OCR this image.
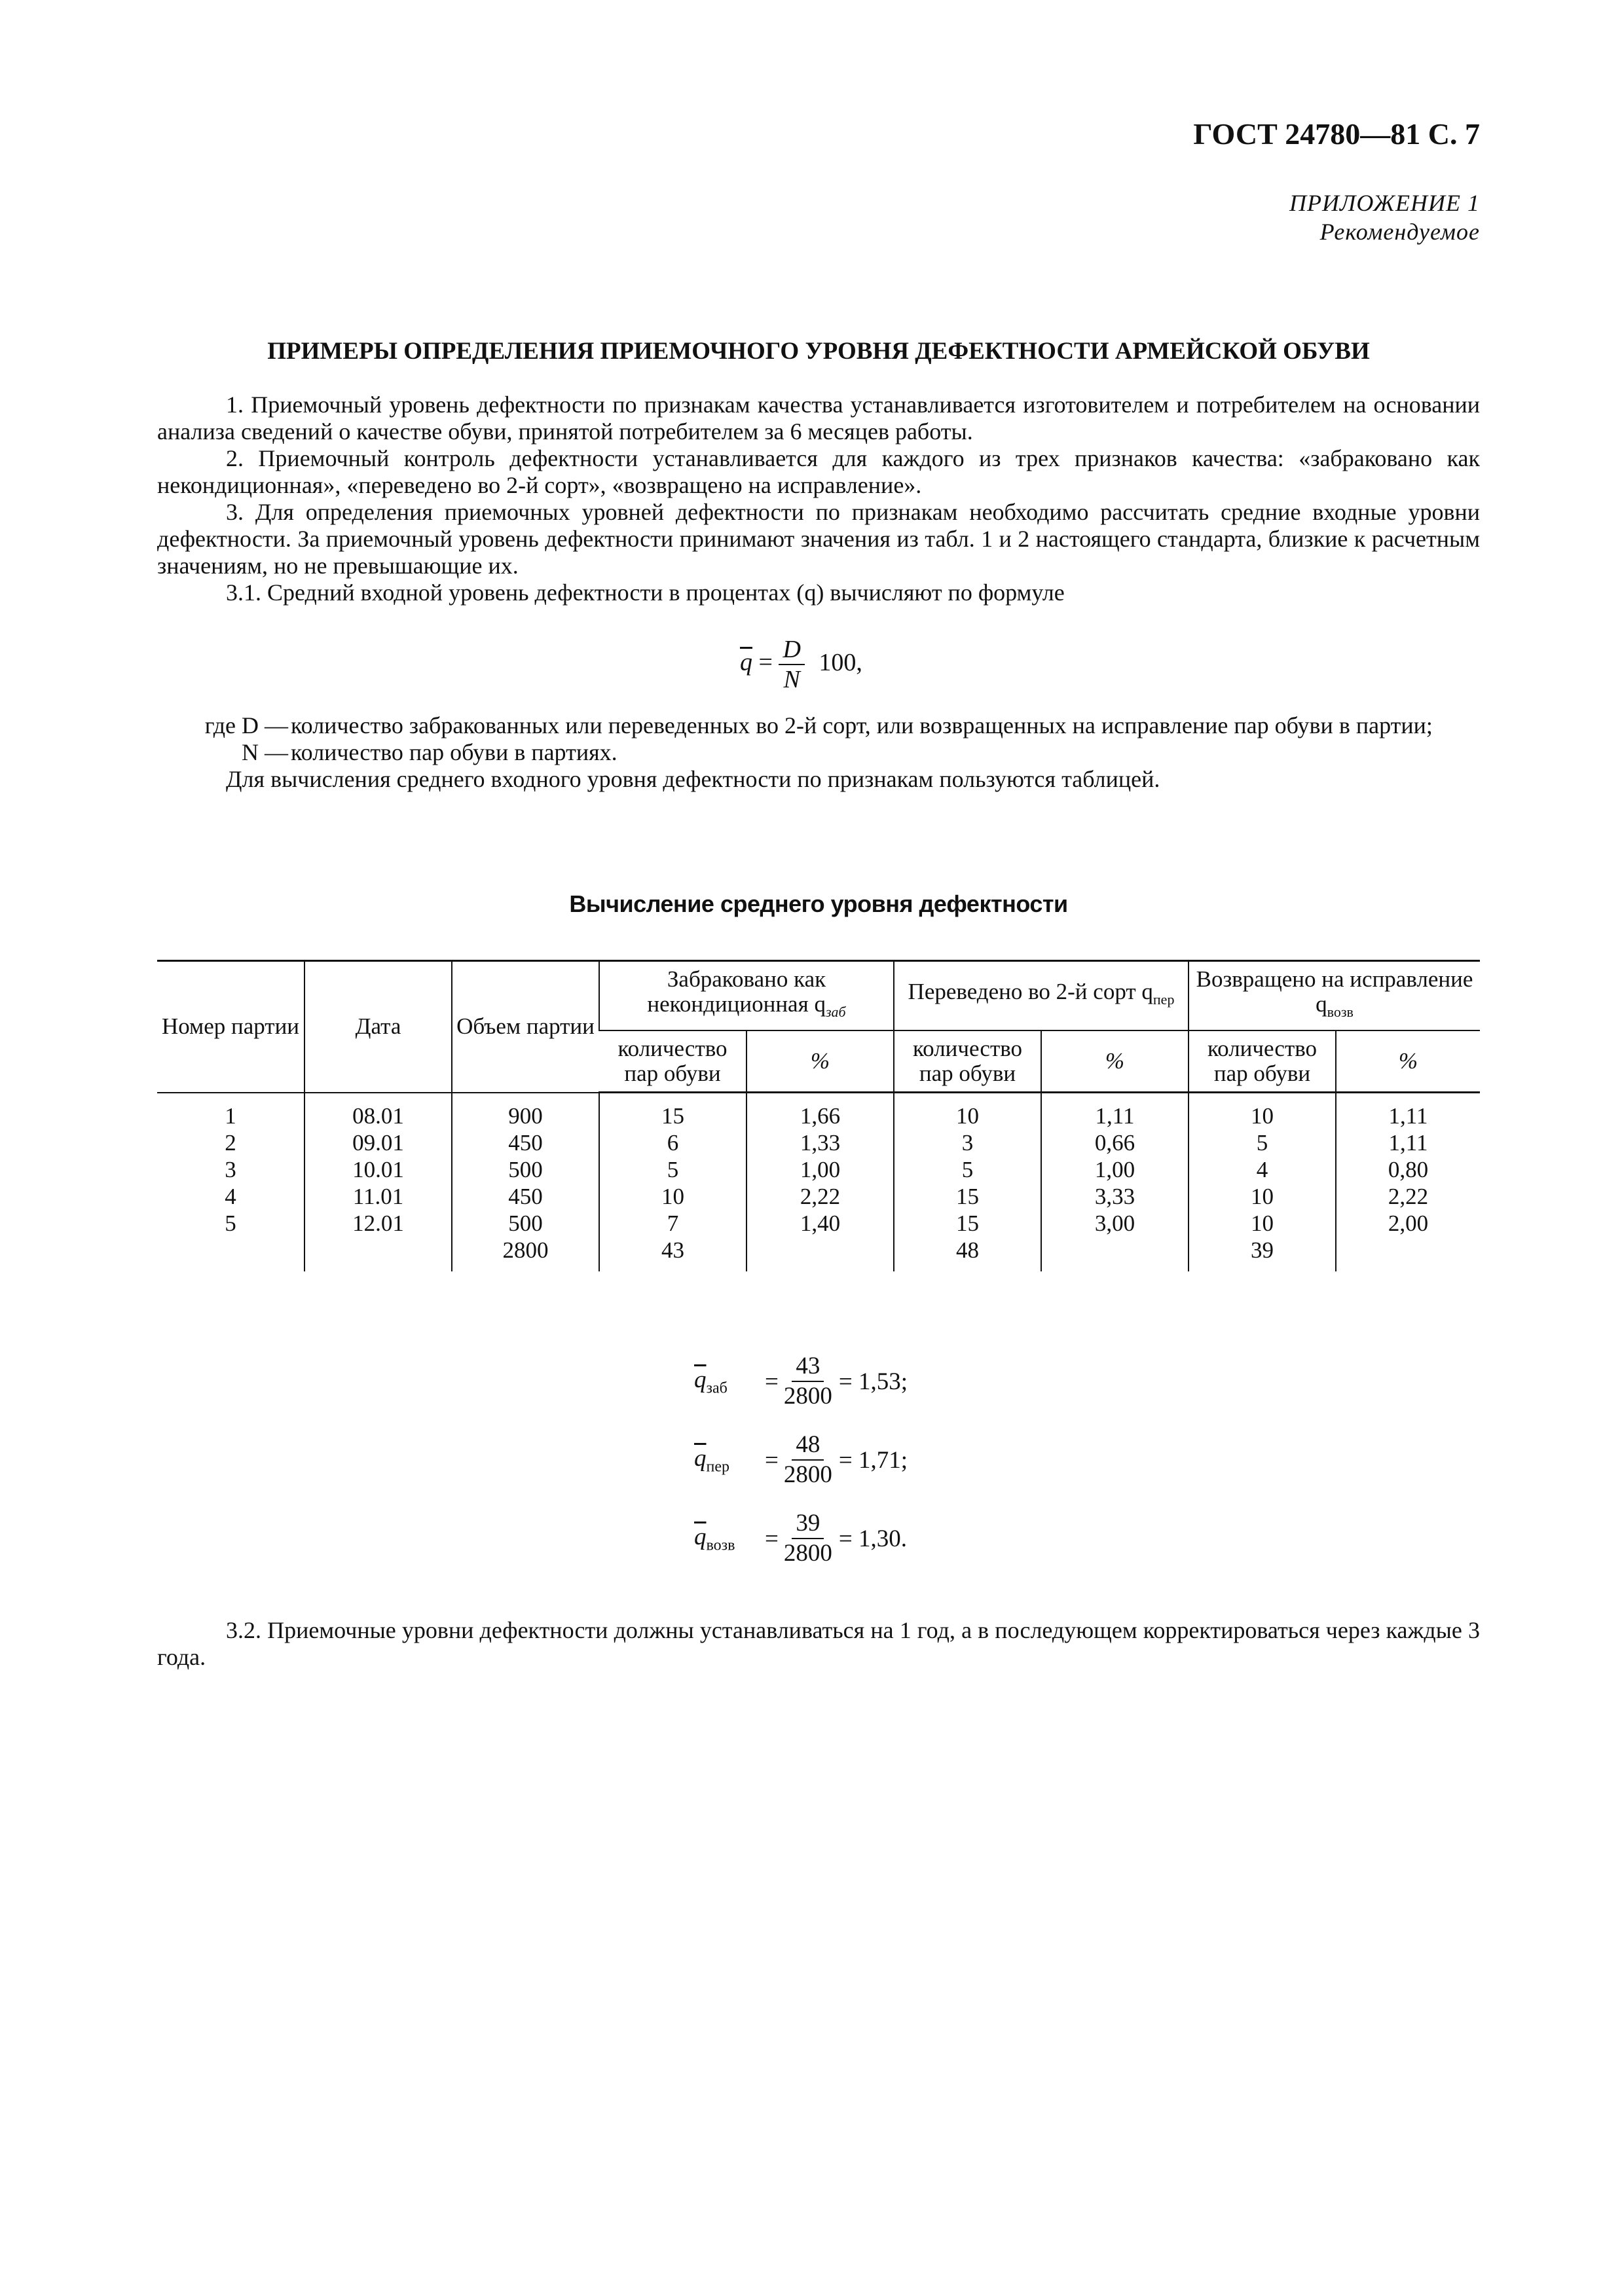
ГОСТ 24780—81 С. 7
ПРИЛОЖЕНИЕ 1
Рекомендуемое
ПРИМЕРЫ ОПРЕДЕЛЕНИЯ ПРИЕМОЧНОГО УРОВНЯ ДЕФЕКТНОСТИ АРМЕЙСКОЙ ОБУВИ
1. Приемочный уровень дефектности по признакам качества устанавливается изготовителем и потребителем на основании анализа сведений о качестве обуви, принятой потребителем за 6 месяцев работы.
2. Приемочный контроль дефектности устанавливается для каждого из трех признаков качества: «забраковано как некондиционная», «переведено во 2-й сорт», «возвращено на исправление».
3. Для определения приемочных уровней дефектности по признакам необходимо рассчитать средние входные уровни дефектности. За приемочный уровень дефектности принимают значения из табл. 1 и 2 настоящего стандарта, близкие к расчетным значениям, но не превышающие их.
3.1. Средний входной уровень дефектности в процентах (q) вычисляют по формуле
$\overline{q} = \frac{D}{N} 100$,
где D — количество забракованных или переведенных во 2-й сорт, или возвращенных на исправление пар обуви в партии;
N — количество пар обуви в партиях.
Для вычисления среднего входного уровня дефектности по признакам пользуются таблицей.
Вычисление среднего уровня дефектности
Номер партии	Дата	Объем партии	Забраковано как некондиционная $q_{заб}$		Переведено во 2-й сорт $q_{пер}$		Возвращено на исправление $q_{возв}$
			количество пар обуви	%	количество пар обуви	%	количество пар обуви	%
1	08.01	900	15	1,66	10	1,11	10	1,11
2	09.01	450	6	1,33	3	0,66	5	1,11
3	10.01	500	5	1,00	5	1,00	4	0,80
4	11.01	450	10	2,22	15	3,33	10	2,22
5	12.01	500	7	1,40	15	3,00	10	2,00
		2800	43		48		39	
$\overline{q}_{заб}$	= $\frac{43}{2800} = 1,53$;
$\overline{q}_{пер}$	= $\frac{48}{2800} = 1,71$;
$\overline{q}_{возв}$	= $\frac{39}{2800} = 1,30$.
3.2. Приемочные уровни дефектности должны устанавливаться на 1 год, а в последующем корректироваться через каждые 3 года.
